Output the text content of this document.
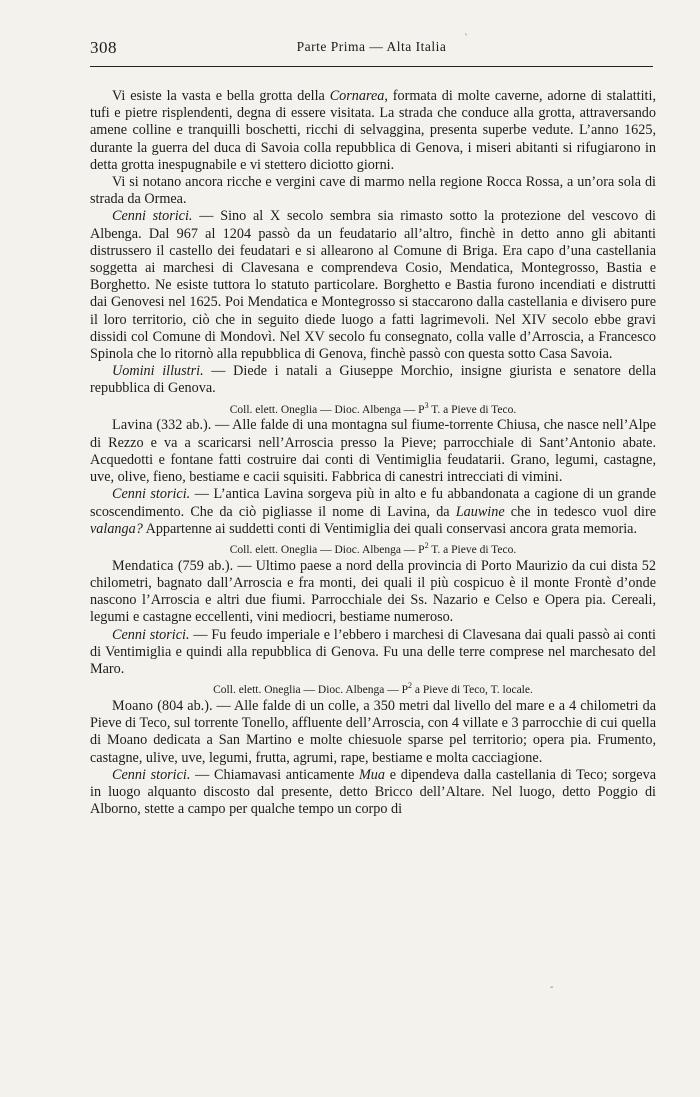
308	Parte Prima — Alta Italia

Vi esiste la vasta e bella grotta della Cornarea, formata di molte caverne, adorne di stalattiti, tufi e pietre risplendenti, degna di essere visitata. La strada che conduce alla grotta, attraversando amene colline e tranquilli boschetti, ricchi di selvaggina, presenta superbe vedute. L’anno 1625, durante la guerra del duca di Savoia colla repubblica di Genova, i miseri abitanti si rifugiarono in detta grotta inespugnabile e vi stettero diciotto giorni.

Vi si notano ancora ricche e vergini cave di marmo nella regione Rocca Rossa, a un’ora sola di strada da Ormea.

Cenni storici. — Sino al X secolo sembra sia rimasto sotto la protezione del vescovo di Albenga. Dal 967 al 1204 passò da un feudatario all’altro, finchè in detto anno gli abitanti distrussero il castello dei feudatari e si allearono al Comune di Briga. Era capo d’una castellania soggetta ai marchesi di Clavesana e comprendeva Cosio, Mendatica, Montegrosso, Bastia e Borghetto. Ne esiste tuttora lo statuto particolare. Borghetto e Bastia furono incendiati e distrutti dai Genovesi nel 1625. Poi Mendatica e Montegrosso si staccarono dalla castellania e divisero pure il loro territorio, ciò che in seguito diede luogo a fatti lagrimevoli. Nel XIV secolo ebbe gravi dissidi col Comune di Mondovì. Nel XV secolo fu consegnato, colla valle d’Arroscia, a Francesco Spinola che lo ritornò alla repubblica di Genova, finchè passò con questa sotto Casa Savoia.

Uomini illustri. — Diede i natali a Giuseppe Morchio, insigne giurista e senatore della repubblica di Genova.

Coll. elett. Oneglia — Dioc. Albenga — $P^3$ T. a Pieve di Teco.

Lavina (332 ab.). — Alle falde di una montagna sul fiume-torrente Chiusa, che nasce nell’Alpe di Rezzo e va a scaricarsi nell’Arroscia presso la Pieve; parrocchiale di Sant’Antonio abate. Acquedotti e fontane fatti costruire dai conti di Ventimiglia feudatarii. Grano, legumi, castagne, uve, olive, fieno, bestiame e cacii squisiti. Fabbrica di canestri intrecciati di vimini.

Cenni storici. — L’antica Lavina sorgeva più in alto e fu abbandonata a cagione di un grande scoscendimento. Che da ciò pigliasse il nome di Lavina, da Lauwine che in tedesco vuol dire valanga? Appartenne ai suddetti conti di Ventimiglia dei quali conservasi ancora grata memoria.

Coll. elett. Oneglia — Dioc. Albenga — $P^2$ T. a Pieve di Teco.

Mendatica (759 ab.). — Ultimo paese a nord della provincia di Porto Maurizio da cui dista 52 chilometri, bagnato dall’Arroscia e fra monti, dei quali il più cospicuo è il monte Frontè d’onde nascono l’Arroscia e altri due fiumi. Parrocchiale dei Ss. Nazario e Celso e Opera pia. Cereali, legumi e castagne eccellenti, vini mediocri, bestiame numeroso.

Cenni storici. — Fu feudo imperiale e l’ebbero i marchesi di Clavesana dai quali passò ai conti di Ventimiglia e quindi alla repubblica di Genova. Fu una delle terre comprese nel marchesato del Maro.

Coll. elett. Oneglia — Dioc. Albenga — $P^2$ a Pieve di Teco, T. locale.

Moano (804 ab.). — Alle falde di un colle, a 350 metri dal livello del mare e a 4 chilometri da Pieve di Teco, sul torrente Tonello, affluente dell’Arroscia, con 4 villate e 3 parrocchie di cui quella di Moano dedicata a San Martino e molte chiesuole sparse pel territorio; opera pia. Frumento, castagne, ulive, uve, legumi, frutta, agrumi, rape, bestiame e molta cacciagione.

Cenni storici. — Chiamavasi anticamente Mua e dipendeva dalla castellania di Teco; sorgeva in luogo alquanto discosto dal presente, detto Bricco dell’Altare. Nel luogo, detto Poggio di Alborno, stette a campo per qualche tempo un corpo di

ˋ
-
